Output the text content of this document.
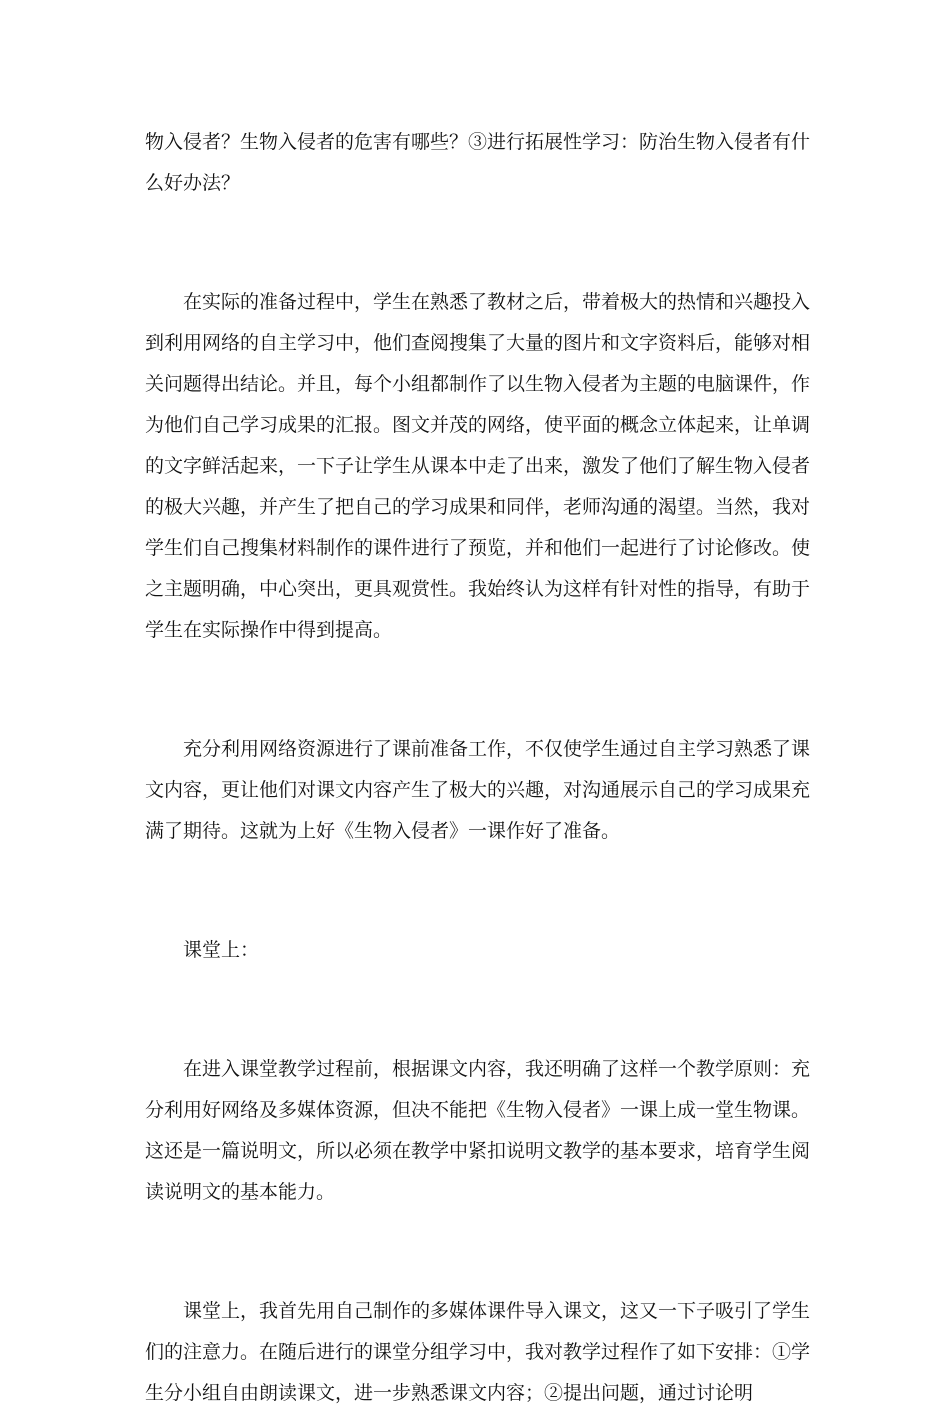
物入侵者？生物入侵者的危害有哪些？③进行拓展性学习：防治生物入侵者有什么好办法？

在实际的准备过程中，学生在熟悉了教材之后，带着极大的热情和兴趣投入到利用网络的自主学习中，他们查阅搜集了大量的图片和文字资料后，能够对相关问题得出结论。并且，每个小组都制作了以生物入侵者为主题的电脑课件，作为他们自己学习成果的汇报。图文并茂的网络，使平面的概念立体起来，让单调的文字鲜活起来，一下子让学生从课本中走了出来，激发了他们了解生物入侵者的极大兴趣，并产生了把自己的学习成果和同伴，老师沟通的渴望。当然，我对学生们自己搜集材料制作的课件进行了预览，并和他们一起进行了讨论修改。使之主题明确，中心突出，更具观赏性。我始终认为这样有针对性的指导，有助于学生在实际操作中得到提高。

充分利用网络资源进行了课前准备工作，不仅使学生通过自主学习熟悉了课文内容，更让他们对课文内容产生了极大的兴趣，对沟通展示自己的学习成果充满了期待。这就为上好《生物入侵者》一课作好了准备。

课堂上：

在进入课堂教学过程前，根据课文内容，我还明确了这样一个教学原则：充分利用好网络及多媒体资源，但决不能把《生物入侵者》一课上成一堂生物课。这还是一篇说明文，所以必须在教学中紧扣说明文教学的基本要求，培育学生阅读说明文的基本能力。

课堂上，我首先用自己制作的多媒体课件导入课文，这又一下子吸引了学生们的注意力。在随后进行的课堂分组学习中，我对教学过程作了如下安排：①学生分小组自由朗读课文，进一步熟悉课文内容；②提出问题，通过讨论明
